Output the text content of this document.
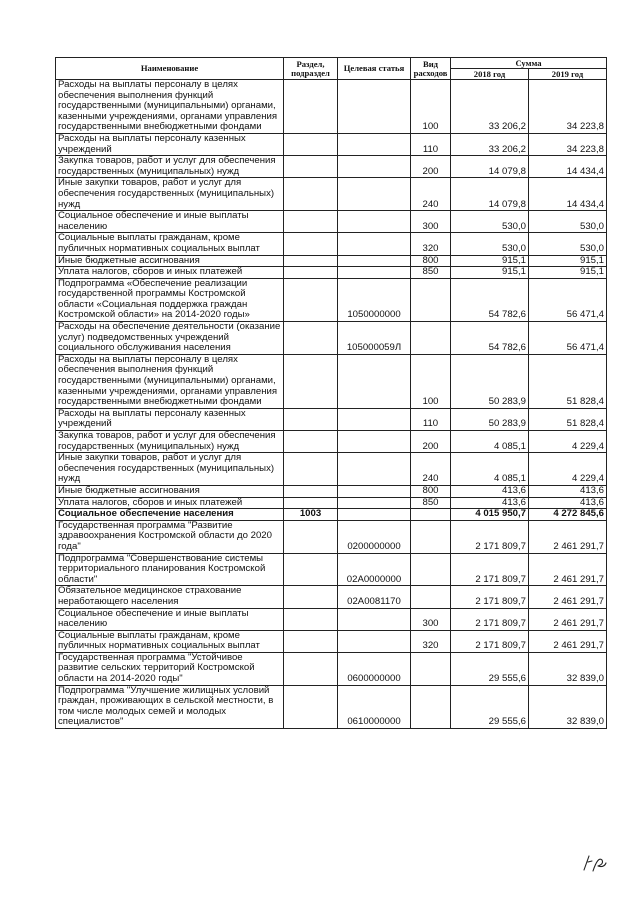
Наименование	Раздел, подраздел	Целевая статья	Вид расходов	Сумма	
				2018 год	2019 год
Расходы на выплаты персоналу в целях обеспечения выполнения функций государственными (муниципальными) органами, казенными учреждениями, органами управления государственными внебюджетными фондами			100	33 206,2	34 223,8
Расходы на выплаты персоналу казенных учреждений			110	33 206,2	34 223,8
Закупка товаров, работ и услуг для обеспечения государственных (муниципальных) нужд			200	14 079,8	14 434,4
Иные закупки товаров, работ и услуг для обеспечения государственных (муниципальных) нужд			240	14 079,8	14 434,4
Социальное обеспечение и иные выплаты населению			300	530,0	530,0
Социальные выплаты гражданам, кроме публичных нормативных социальных выплат			320	530,0	530,0
Иные бюджетные ассигнования			800	915,1	915,1
Уплата налогов, сборов и иных платежей			850	915,1	915,1
Подпрограмма «Обеспечение реализации государственной программы Костромской области «Социальная поддержка граждан Костромской области» на 2014-2020 годы»		1050000000		54 782,6	56 471,4
Расходы на обеспечение деятельности (оказание услуг) подведомственных учреждений социального обслуживания населения		105000059Л		54 782,6	56 471,4
Расходы на выплаты персоналу в целях обеспечения выполнения функций государственными (муниципальными) органами, казенными учреждениями, органами управления государственными внебюджетными фондами			100	50 283,9	51 828,4
Расходы на выплаты персоналу казенных учреждений			110	50 283,9	51 828,4
Закупка товаров, работ и услуг для обеспечения государственных (муниципальных) нужд			200	4 085,1	4 229,4
Иные закупки товаров, работ и услуг для обеспечения государственных (муниципальных) нужд			240	4 085,1	4 229,4
Иные бюджетные ассигнования			800	413,6	413,6
Уплата налогов, сборов и иных платежей			850	413,6	413,6
Социальное обеспечение населения	1003			4 015 950,7	4 272 845,6
Государственная программа "Развитие здравоохранения Костромской области до 2020 года"		0200000000		2 171 809,7	2 461 291,7
Подпрограмма "Совершенствование системы территориального планирования Костромской области"		02А0000000		2 171 809,7	2 461 291,7
Обязательное медицинское страхование неработающего населения		02А0081170		2 171 809,7	2 461 291,7
Социальное обеспечение и иные выплаты населению			300	2 171 809,7	2 461 291,7
Социальные выплаты гражданам, кроме публичных нормативных социальных выплат			320	2 171 809,7	2 461 291,7
Государственная программа "Устойчивое развитие сельских территорий Костромской области на 2014-2020 годы"		0600000000		29 555,6	32 839,0
Подпрограмма "Улучшение жилищных условий граждан, проживающих в сельской местности, в том числе молодых семей и молодых специалистов"		0610000000		29 555,6	32 839,0
